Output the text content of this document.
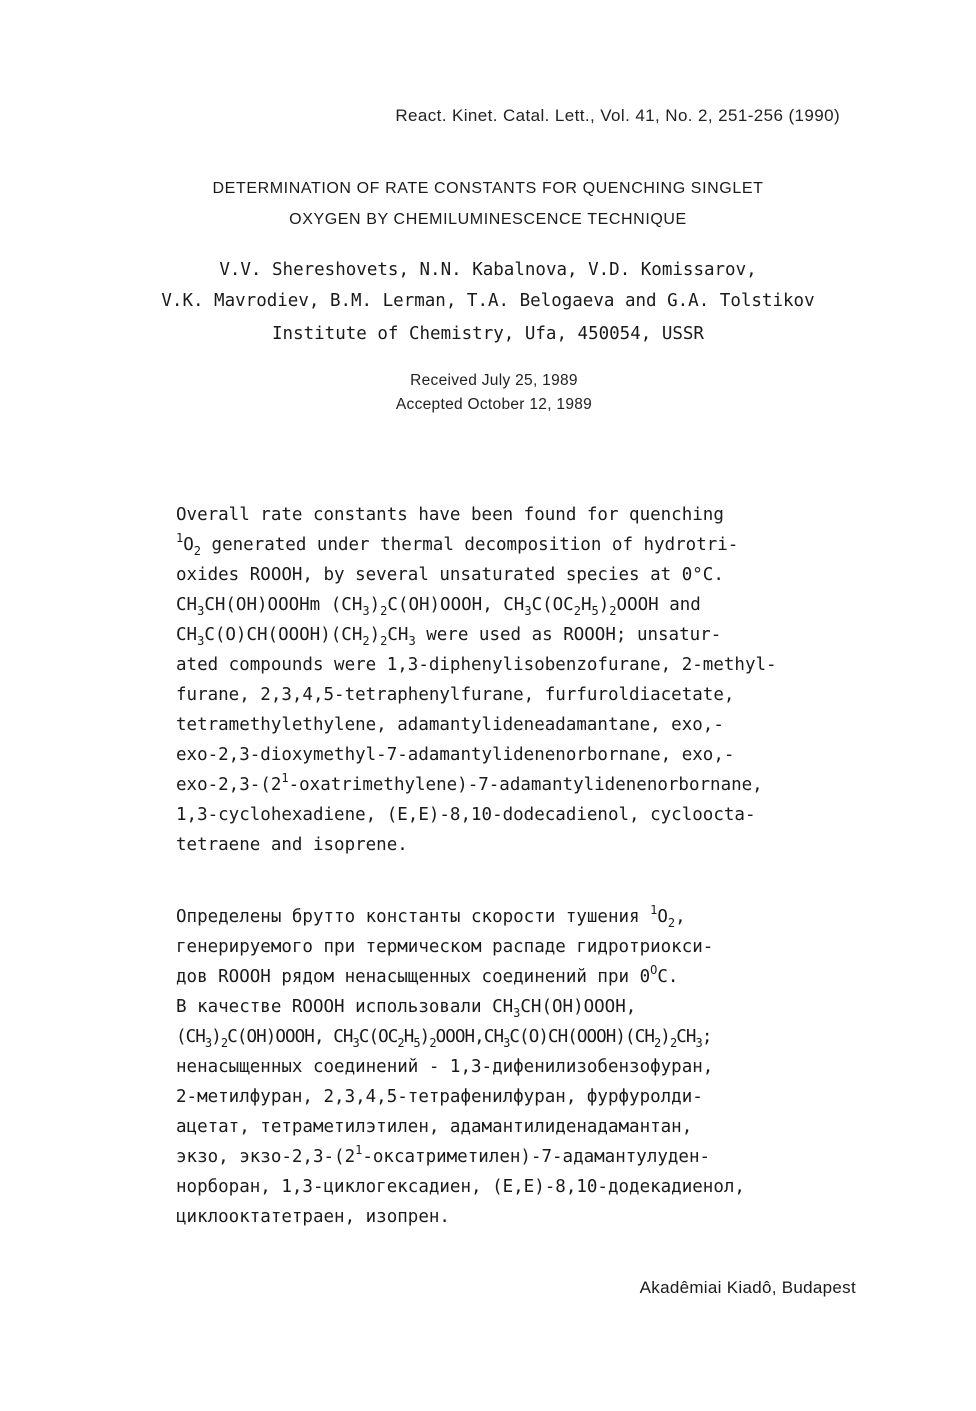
React. Kinet. Catal. Lett., Vol. 41, No. 2, 251-256 (1990)
DETERMINATION OF RATE CONSTANTS FOR QUENCHING SINGLET
OXYGEN BY CHEMILUMINESCENCE TECHNIQUE
V.V. Shereshovets, N.N. Kabalnova, V.D. Komissarov,
V.K. Mavrodiev, B.M. Lerman, T.A. Belogaeva and G.A. Tolstikov
Institute of Chemistry, Ufa, 450054, USSR
Received July 25, 1989
Accepted October 12, 1989
Overall rate constants have been found for quenching
$^1O_2$ generated under thermal decomposition of hydrotri-
oxides ROOOH, by several unsaturated species at 0°C.
$CH_3CH(OH)OOOHm$ $(CH_3)_2C(OH)OOOH$, $CH_3C(OC_2H_5)_2OOOH$ and
$CH_3C(O)CH(OOOH)(CH_2)_2CH_3$ were used as ROOOH; unsatur-
ated compounds were 1,3-diphenylisobenzofurane, 2-methyl-
furane, 2,3,4,5-tetraphenylfurane, furfuroldiacetate,
tetramethylethylene, adamantylideneadamantane, exo,-
exo-2,3-dioxymethyl-7-adamantylidenenorbornane, exo,-
exo-$2,3-(2^1-oxatrimethylene)-7$-adamantylidenenorbornane,
1,3-cyclohexadiene, (E,E)-8,10-dodecadienol, cycloocta-
tetraene and isoprene.
Определены брутто константы скорости тушения $^1O_2$,
генерируемого при термическом распаде гидротриокси-
дов ROOOH рядом ненасыщенных соединений при $0^OC$.
В качестве ROOOH использовали $CH_3CH(OH)OOOH$,
$(CH_3)_2C(OH)OOOH$, $CH_3C(OC_2H_5)_2OOOH,CH_3C(O)CH(OOOH)(CH_2)_2CH_3$;
ненасыщенных соединений - 1,3-дифенилизобензофуран,
2-метилфуран, 2,3,4,5-тетрафенилфуран, фурфуролди-
ацетат, тетраметилэтилен, адамантилиденадамантан,
экзо, экзо-$2,3-(2^1-оксатриметилен)-7-адамантулуден-$
норборан, 1,3-циклогексадиен, (E,E)-8,10-додекадиенол,
циклооктатетраен, изопрен.
Akadêmiai Kiadô, Budapest
